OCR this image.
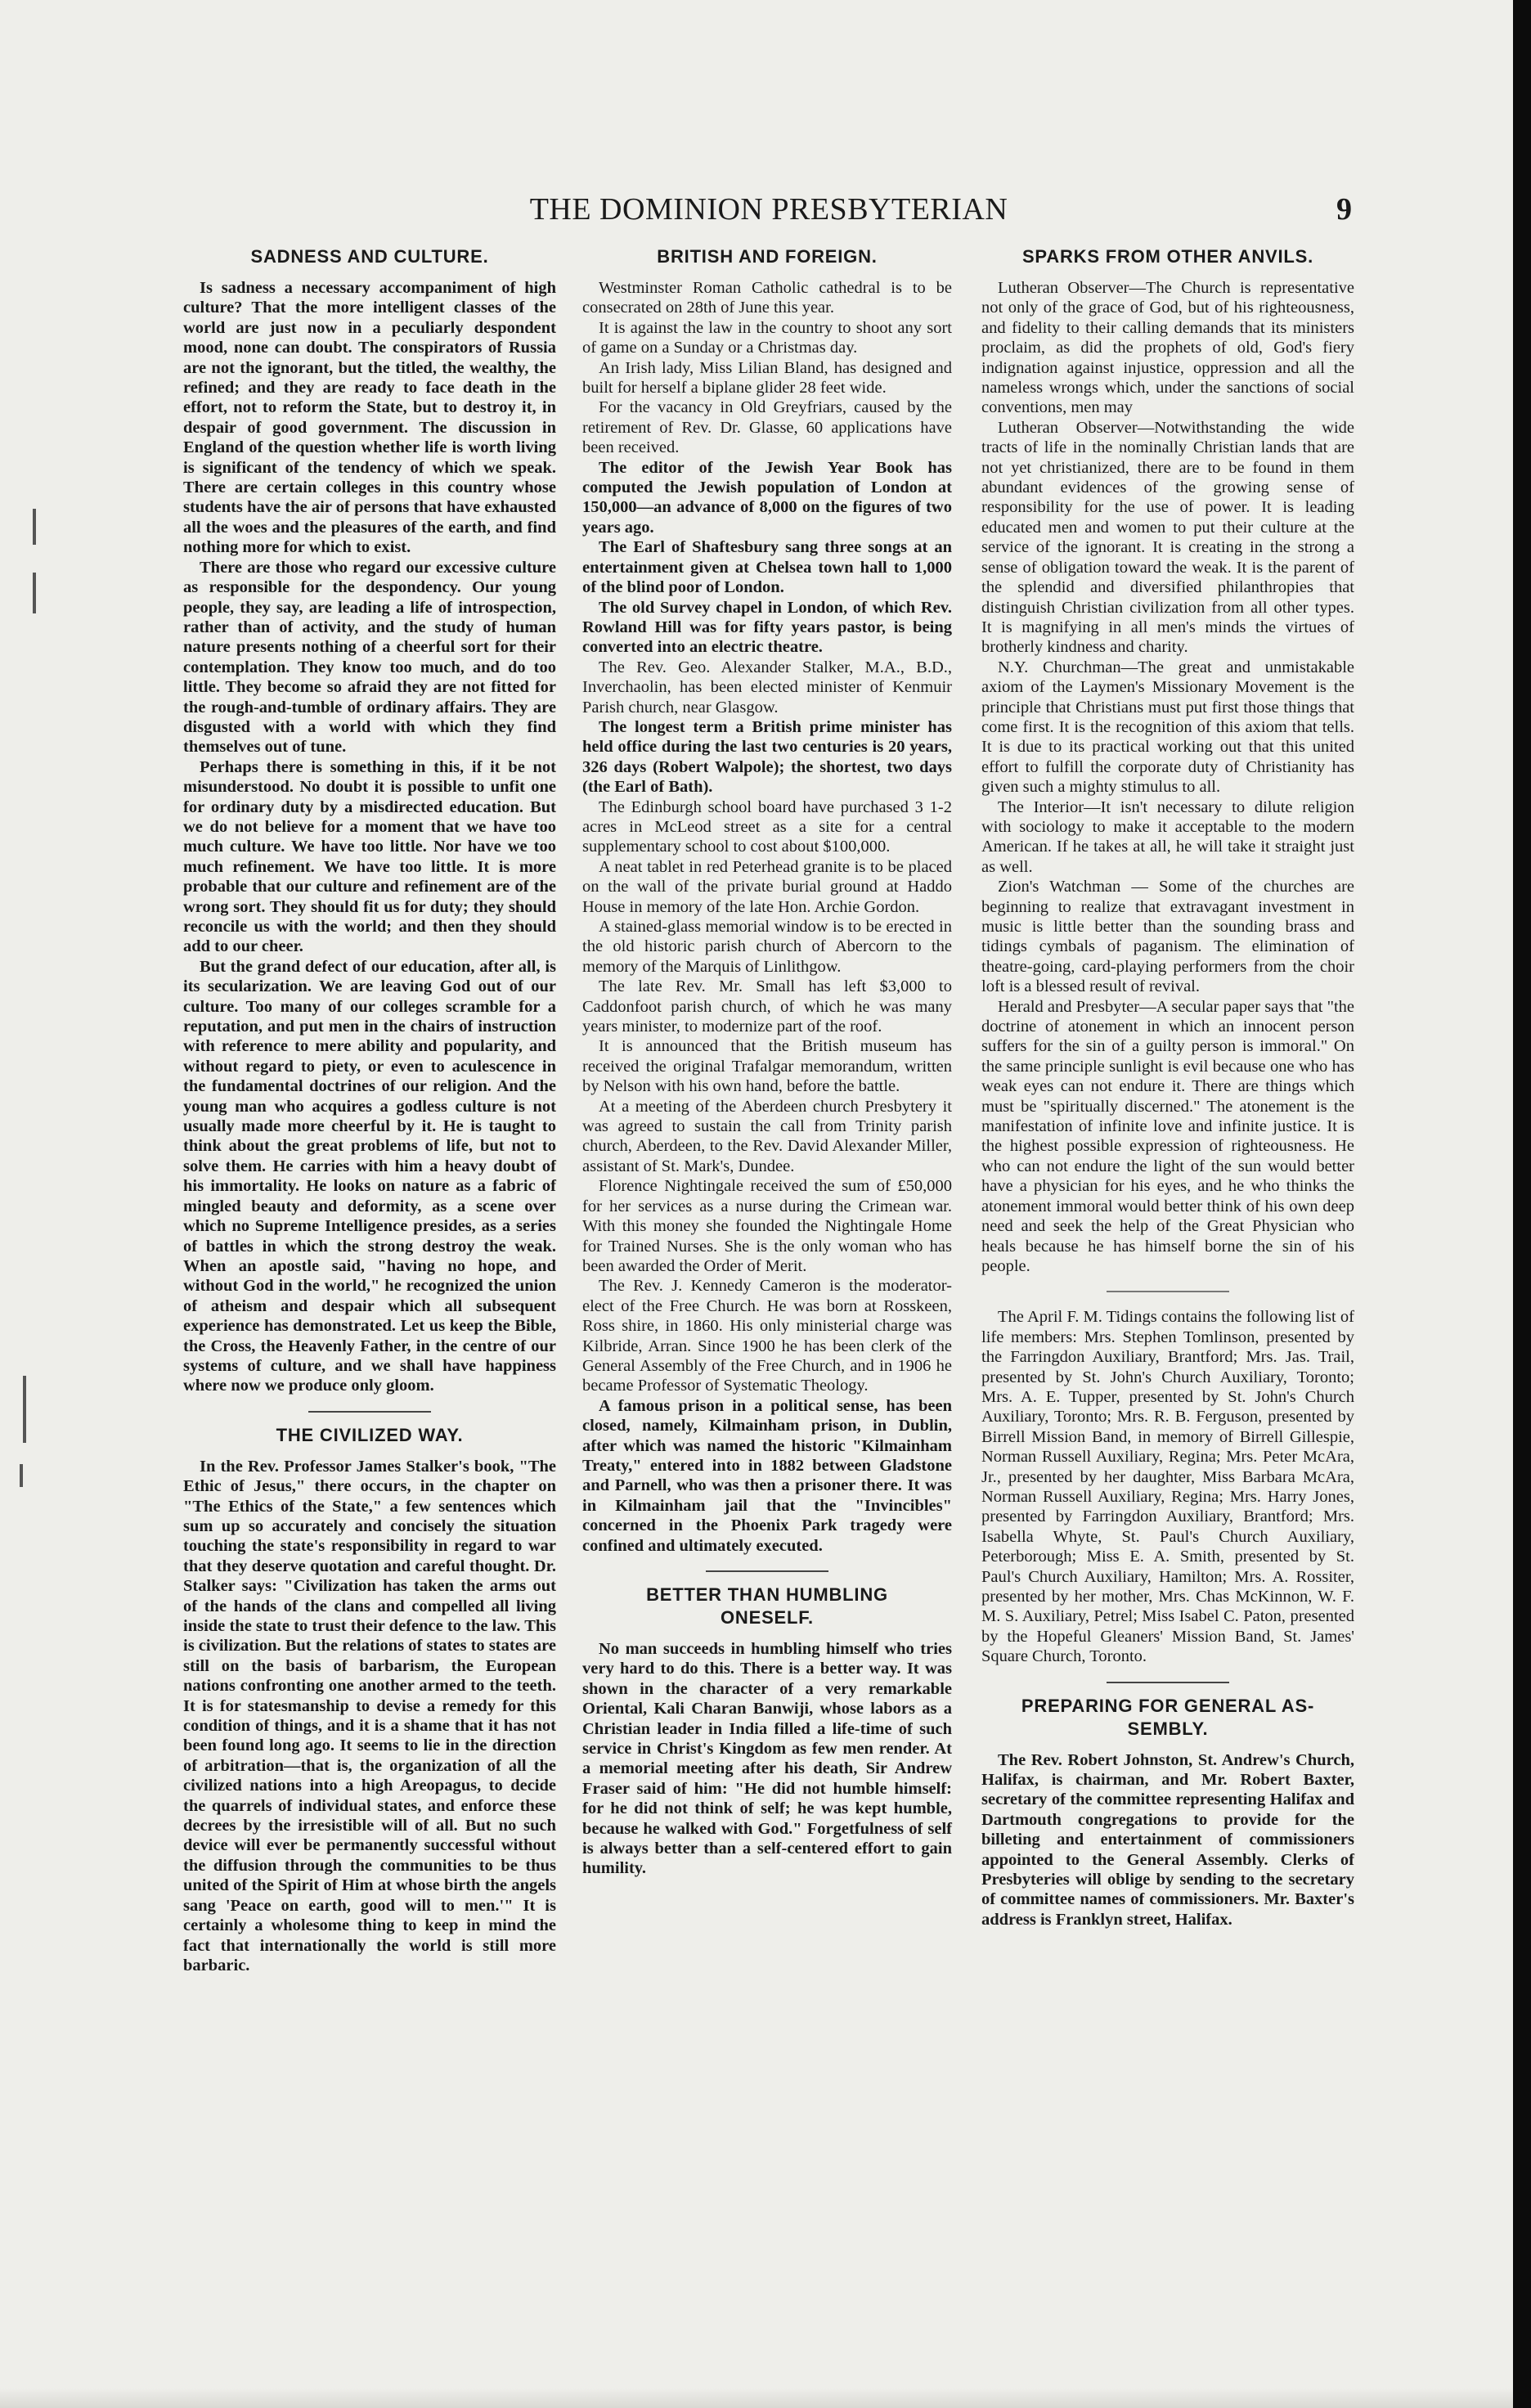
THE DOMINION PRESBYTERIAN	9
SADNESS AND CULTURE.

Is sadness a necessary accompaniment of high culture? That the more intelligent classes of the world are just now in a peculiarly despondent mood, none can doubt. The conspirators of Russia are not the ignorant, but the titled, the wealthy, the refined; and they are ready to face death in the effort, not to reform the State, but to destroy it, in despair of good government. The discussion in England of the question whether life is worth living is significant of the tendency of which we speak. There are certain colleges in this country whose students have the air of persons that have exhausted all the woes and the pleasures of the earth, and find nothing more for which to exist.

There are those who regard our excessive culture as responsible for the despondency. Our young people, they say, are leading a life of introspection, rather than of activity, and the study of human nature presents nothing of a cheerful sort for their contemplation. They know too much, and do too little. They become so afraid they are not fitted for the rough-and-tumble of ordinary affairs. They are disgusted with a world with which they find themselves out of tune.

Perhaps there is something in this, if it be not misunderstood. No doubt it is possible to unfit one for ordinary duty by a misdirected education. But we do not believe for a moment that we have too much culture. We have too little. Nor have we too much refinement. We have too little. It is more probable that our culture and refinement are of the wrong sort. They should fit us for duty; they should reconcile us with the world; and then they should add to our cheer.

But the grand defect of our education, after all, is its secularization. We are leaving God out of our culture. Too many of our colleges scramble for a reputation, and put men in the chairs of instruction with reference to mere ability and popularity, and without regard to piety, or even to aculescence in the fundamental doctrines of our religion. And the young man who acquires a godless culture is not usually made more cheerful by it. He is taught to think about the great problems of life, but not to solve them. He carries with him a heavy doubt of his immortality. He looks on nature as a fabric of mingled beauty and deformity, as a scene over which no Supreme Intelligence presides, as a series of battles in which the strong destroy the weak. When an apostle said, "having no hope, and without God in the world," he recognized the union of atheism and despair which all subsequent experience has demonstrated. Let us keep the Bible, the Cross, the Heavenly Father, in the centre of our systems of culture, and we shall have happiness where now we produce only gloom.

THE CIVILIZED WAY.

In the Rev. Professor James Stalker's book, "The Ethic of Jesus," there occurs, in the chapter on "The Ethics of the State," a few sentences which sum up so accurately and concisely the situation touching the state's responsibility in regard to war that they deserve quotation and careful thought. Dr. Stalker says: "Civilization has taken the arms out of the hands of the clans and compelled all living inside the state to trust their defence to the law. This is civilization. But the relations of states to states are still on the basis of barbarism, the European nations confronting one another armed to the teeth. It is for statesmanship to devise a remedy for this condition of things, and it is a shame that it has not been found long ago. It seems to lie in the direction of arbitration—that is, the organization of all the civilized nations into a high Areopagus, to decide the quarrels of individual states, and enforce these decrees by the irresistible will of all. But no such device will ever be permanently successful without the diffusion through the communities to be thus united of the Spirit of Him at whose birth the angels sang 'Peace on earth, good will to men.'" It is certainly a wholesome thing to keep in mind the fact that internationally the world is still more barbaric.

BRITISH AND FOREIGN.

Westminster Roman Catholic cathedral is to be consecrated on 28th of June this year.

It is against the law in the country to shoot any sort of game on a Sunday or a Christmas day.

An Irish lady, Miss Lilian Bland, has designed and built for herself a biplane glider 28 feet wide.

For the vacancy in Old Greyfriars, caused by the retirement of Rev. Dr. Glasse, 60 applications have been received.

The editor of the Jewish Year Book has computed the Jewish population of London at 150,000—an advance of 8,000 on the figures of two years ago.

The Earl of Shaftesbury sang three songs at an entertainment given at Chelsea town hall to 1,000 of the blind poor of London.

The old Survey chapel in London, of which Rev. Rowland Hill was for fifty years pastor, is being converted into an electric theatre.

The Rev. Geo. Alexander Stalker, M.A., B.D., Inverchaolin, has been elected minister of Kenmuir Parish church, near Glasgow.

The longest term a British prime minister has held office during the last two centuries is 20 years, 326 days (Robert Walpole); the shortest, two days (the Earl of Bath).

The Edinburgh school board have purchased 3 1-2 acres in McLeod street as a site for a central supplementary school to cost about $100,000.

A neat tablet in red Peterhead granite is to be placed on the wall of the private burial ground at Haddo House in memory of the late Hon. Archie Gordon.

A stained-glass memorial window is to be erected in the old historic parish church of Abercorn to the memory of the Marquis of Linlithgow.

The late Rev. Mr. Small has left $3,000 to Caddonfoot parish church, of which he was many years minister, to modernize part of the roof.

It is announced that the British museum has received the original Trafalgar memorandum, written by Nelson with his own hand, before the battle.

At a meeting of the Aberdeen church Presbytery it was agreed to sustain the call from Trinity parish church, Aberdeen, to the Rev. David Alexander Miller, assistant of St. Mark's, Dundee.

Florence Nightingale received the sum of £50,000 for her services as a nurse during the Crimean war. With this money she founded the Nightingale Home for Trained Nurses. She is the only woman who has been awarded the Order of Merit.

The Rev. J. Kennedy Cameron is the moderator-elect of the Free Church. He was born at Rosskeen, Ross shire, in 1860. His only ministerial charge was Kilbride, Arran. Since 1900 he has been clerk of the General Assembly of the Free Church, and in 1906 he became Professor of Systematic Theology.

A famous prison in a political sense, has been closed, namely, Kilmainham prison, in Dublin, after which was named the historic "Kilmainham Treaty," entered into in 1882 between Gladstone and Parnell, who was then a prisoner there. It was in Kilmainham jail that the "Invincibles" concerned in the Phoenix Park tragedy were confined and ultimately executed.

BETTER THAN HUMBLING
ONESELF.

No man succeeds in humbling himself who tries very hard to do this. There is a better way. It was shown in the character of a very remarkable Oriental, Kali Charan Banwiji, whose labors as a Christian leader in India filled a life-time of such service in Christ's Kingdom as few men render. At a memorial meeting after his death, Sir Andrew Fraser said of him: "He did not humble himself: for he did not think of self; he was kept humble, because he walked with God." Forgetfulness of self is always better than a self-centered effort to gain humility.

SPARKS FROM OTHER ANVILS.

Lutheran Observer—The Church is representative not only of the grace of God, but of his righteousness, and fidelity to their calling demands that its ministers proclaim, as did the prophets of old, God's fiery indignation against injustice, oppression and all the nameless wrongs which, under the sanctions of social conventions, men may

Lutheran Observer—Notwithstanding the wide tracts of life in the nominally Christian lands that are not yet christianized, there are to be found in them abundant evidences of the growing sense of responsibility for the use of power. It is leading educated men and women to put their culture at the service of the ignorant. It is creating in the strong a sense of obligation toward the weak. It is the parent of the splendid and diversified philanthropies that distinguish Christian civilization from all other types. It is magnifying in all men's minds the virtues of brotherly kindness and charity.

N.Y. Churchman—The great and unmistakable axiom of the Laymen's Missionary Movement is the principle that Christians must put first those things that come first. It is the recognition of this axiom that tells. It is due to its practical working out that this united effort to fulfill the corporate duty of Christianity has given such a mighty stimulus to all.

The Interior—It isn't necessary to dilute religion with sociology to make it acceptable to the modern American. If he takes at all, he will take it straight just as well.

Zion's Watchman — Some of the churches are beginning to realize that extravagant investment in music is little better than the sounding brass and tidings cymbals of paganism. The elimination of theatre-going, card-playing performers from the choir loft is a blessed result of revival.

Herald and Presbyter—A secular paper says that "the doctrine of atonement in which an innocent person suffers for the sin of a guilty person is immoral." On the same principle sunlight is evil because one who has weak eyes can not endure it. There are things which must be "spiritually discerned." The atonement is the manifestation of infinite love and infinite justice. It is the highest possible expression of righteousness. He who can not endure the light of the sun would better have a physician for his eyes, and he who thinks the atonement immoral would better think of his own deep need and seek the help of the Great Physician who heals because he has himself borne the sin of his people.

The April F. M. Tidings contains the following list of life members: Mrs. Stephen Tomlinson, presented by the Farringdon Auxiliary, Brantford; Mrs. Jas. Trail, presented by St. John's Church Auxiliary, Toronto; Mrs. A. E. Tupper, presented by St. John's Church Auxiliary, Toronto; Mrs. R. B. Ferguson, presented by Birrell Mission Band, in memory of Birrell Gillespie, Norman Russell Auxiliary, Regina; Mrs. Peter McAra, Jr., presented by her daughter, Miss Barbara McAra, Norman Russell Auxiliary, Regina; Mrs. Harry Jones, presented by Farringdon Auxiliary, Brantford; Mrs. Isabella Whyte, St. Paul's Church Auxiliary, Peterborough; Miss E. A. Smith, presented by St. Paul's Church Auxiliary, Hamilton; Mrs. A. Rossiter, presented by her mother, Mrs. Chas McKinnon, W. F. M. S. Auxiliary, Petrel; Miss Isabel C. Paton, presented by the Hopeful Gleaners' Mission Band, St. James' Square Church, Toronto.

PREPARING FOR GENERAL AS-
SEMBLY.

The Rev. Robert Johnston, St. Andrew's Church, Halifax, is chairman, and Mr. Robert Baxter, secretary of the committee representing Halifax and Dartmouth congregations to provide for the billeting and entertainment of commissioners appointed to the General Assembly. Clerks of Presbyteries will oblige by sending to the secretary of committee names of commissioners. Mr. Baxter's address is Franklyn street, Halifax.
